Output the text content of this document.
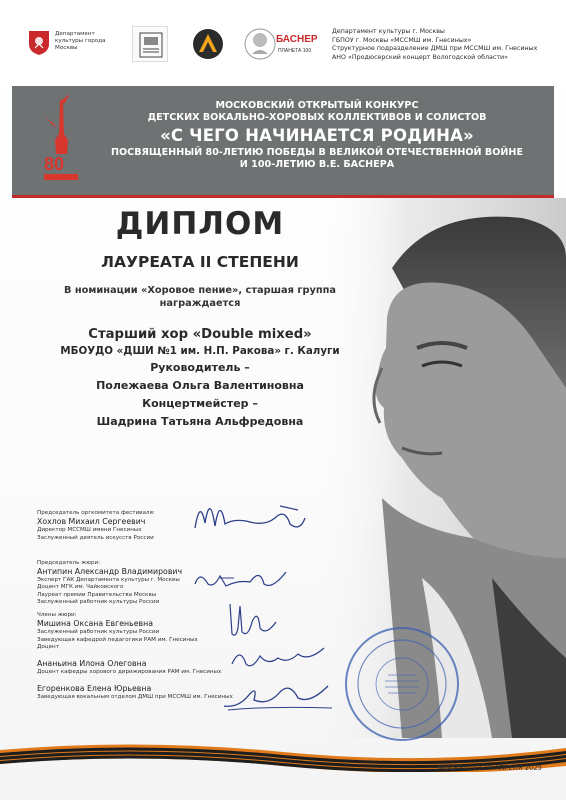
Департамент культуры города Москвы
БАСНЕР
ПЛАНЕТА 100
Департамент культуры г. Москвы
ГБПОУ г. Москвы «МССМШ им. Гнесиных»
Структурное подразделение ДМШ при МССМШ им. Гнесиных
АНО «Продюсерский концерт Вологодской области»
80
МОСКОВСКИЙ ОТКРЫТЫЙ КОНКУРС
ДЕТСКИХ ВОКАЛЬНО-ХОРОВЫХ КОЛЛЕКТИВОВ И СОЛИСТОВ
«С ЧЕГО НАЧИНАЕТСЯ РОДИНА»
ПОСВЯЩЕННЫЙ 80-ЛЕТИЮ ПОБЕДЫ В ВЕЛИКОЙ ОТЕЧЕСТВЕННОЙ ВОЙНЕ
И 100-ЛЕТИЮ В.Е. БАСНЕРА
ДИПЛОМ
ЛАУРЕАТА II СТЕПЕНИ
В номинации «Хоровое пение», старшая группа
награждается
Старший хор «Double mixed»
МБОУДО «ДШИ №1 им. Н.П. Ракова» г. Калуги
Руководитель –
Полежаева Ольга Валентиновна
Концертмейстер –
Шадрина Татьяна Альфредовна
Председатель оргкомитета фестиваля:
Хохлов Михаил Сергеевич
Директор МССМШ имени Гнесиных
Заслуженный деятель искусств России
Председатель жюри:
Антипин Александр Владимирович
Эксперт ГАК Департамента культуры г. Москвы
Доцент МГК им. Чайковского
Лауреат премии Правительства Москвы
Заслуженный работник культуры России
Члены жюри:
Мишина Оксана Евгеньевна
Заслуженный работник культуры России
Заведующая кафедрой педагогики РАМ им. Гнесиных
Доцент
Ананьина Илона Олеговна
Доцент кафедры хорового дирижирования РАМ им. Гнесиных
Егоренкова Елена Юрьевна
Заведующая вокальным отделом ДМШ при МССМШ им. Гнесиных
МОСКВА, 13-16 АПРЕЛЯ 2025
